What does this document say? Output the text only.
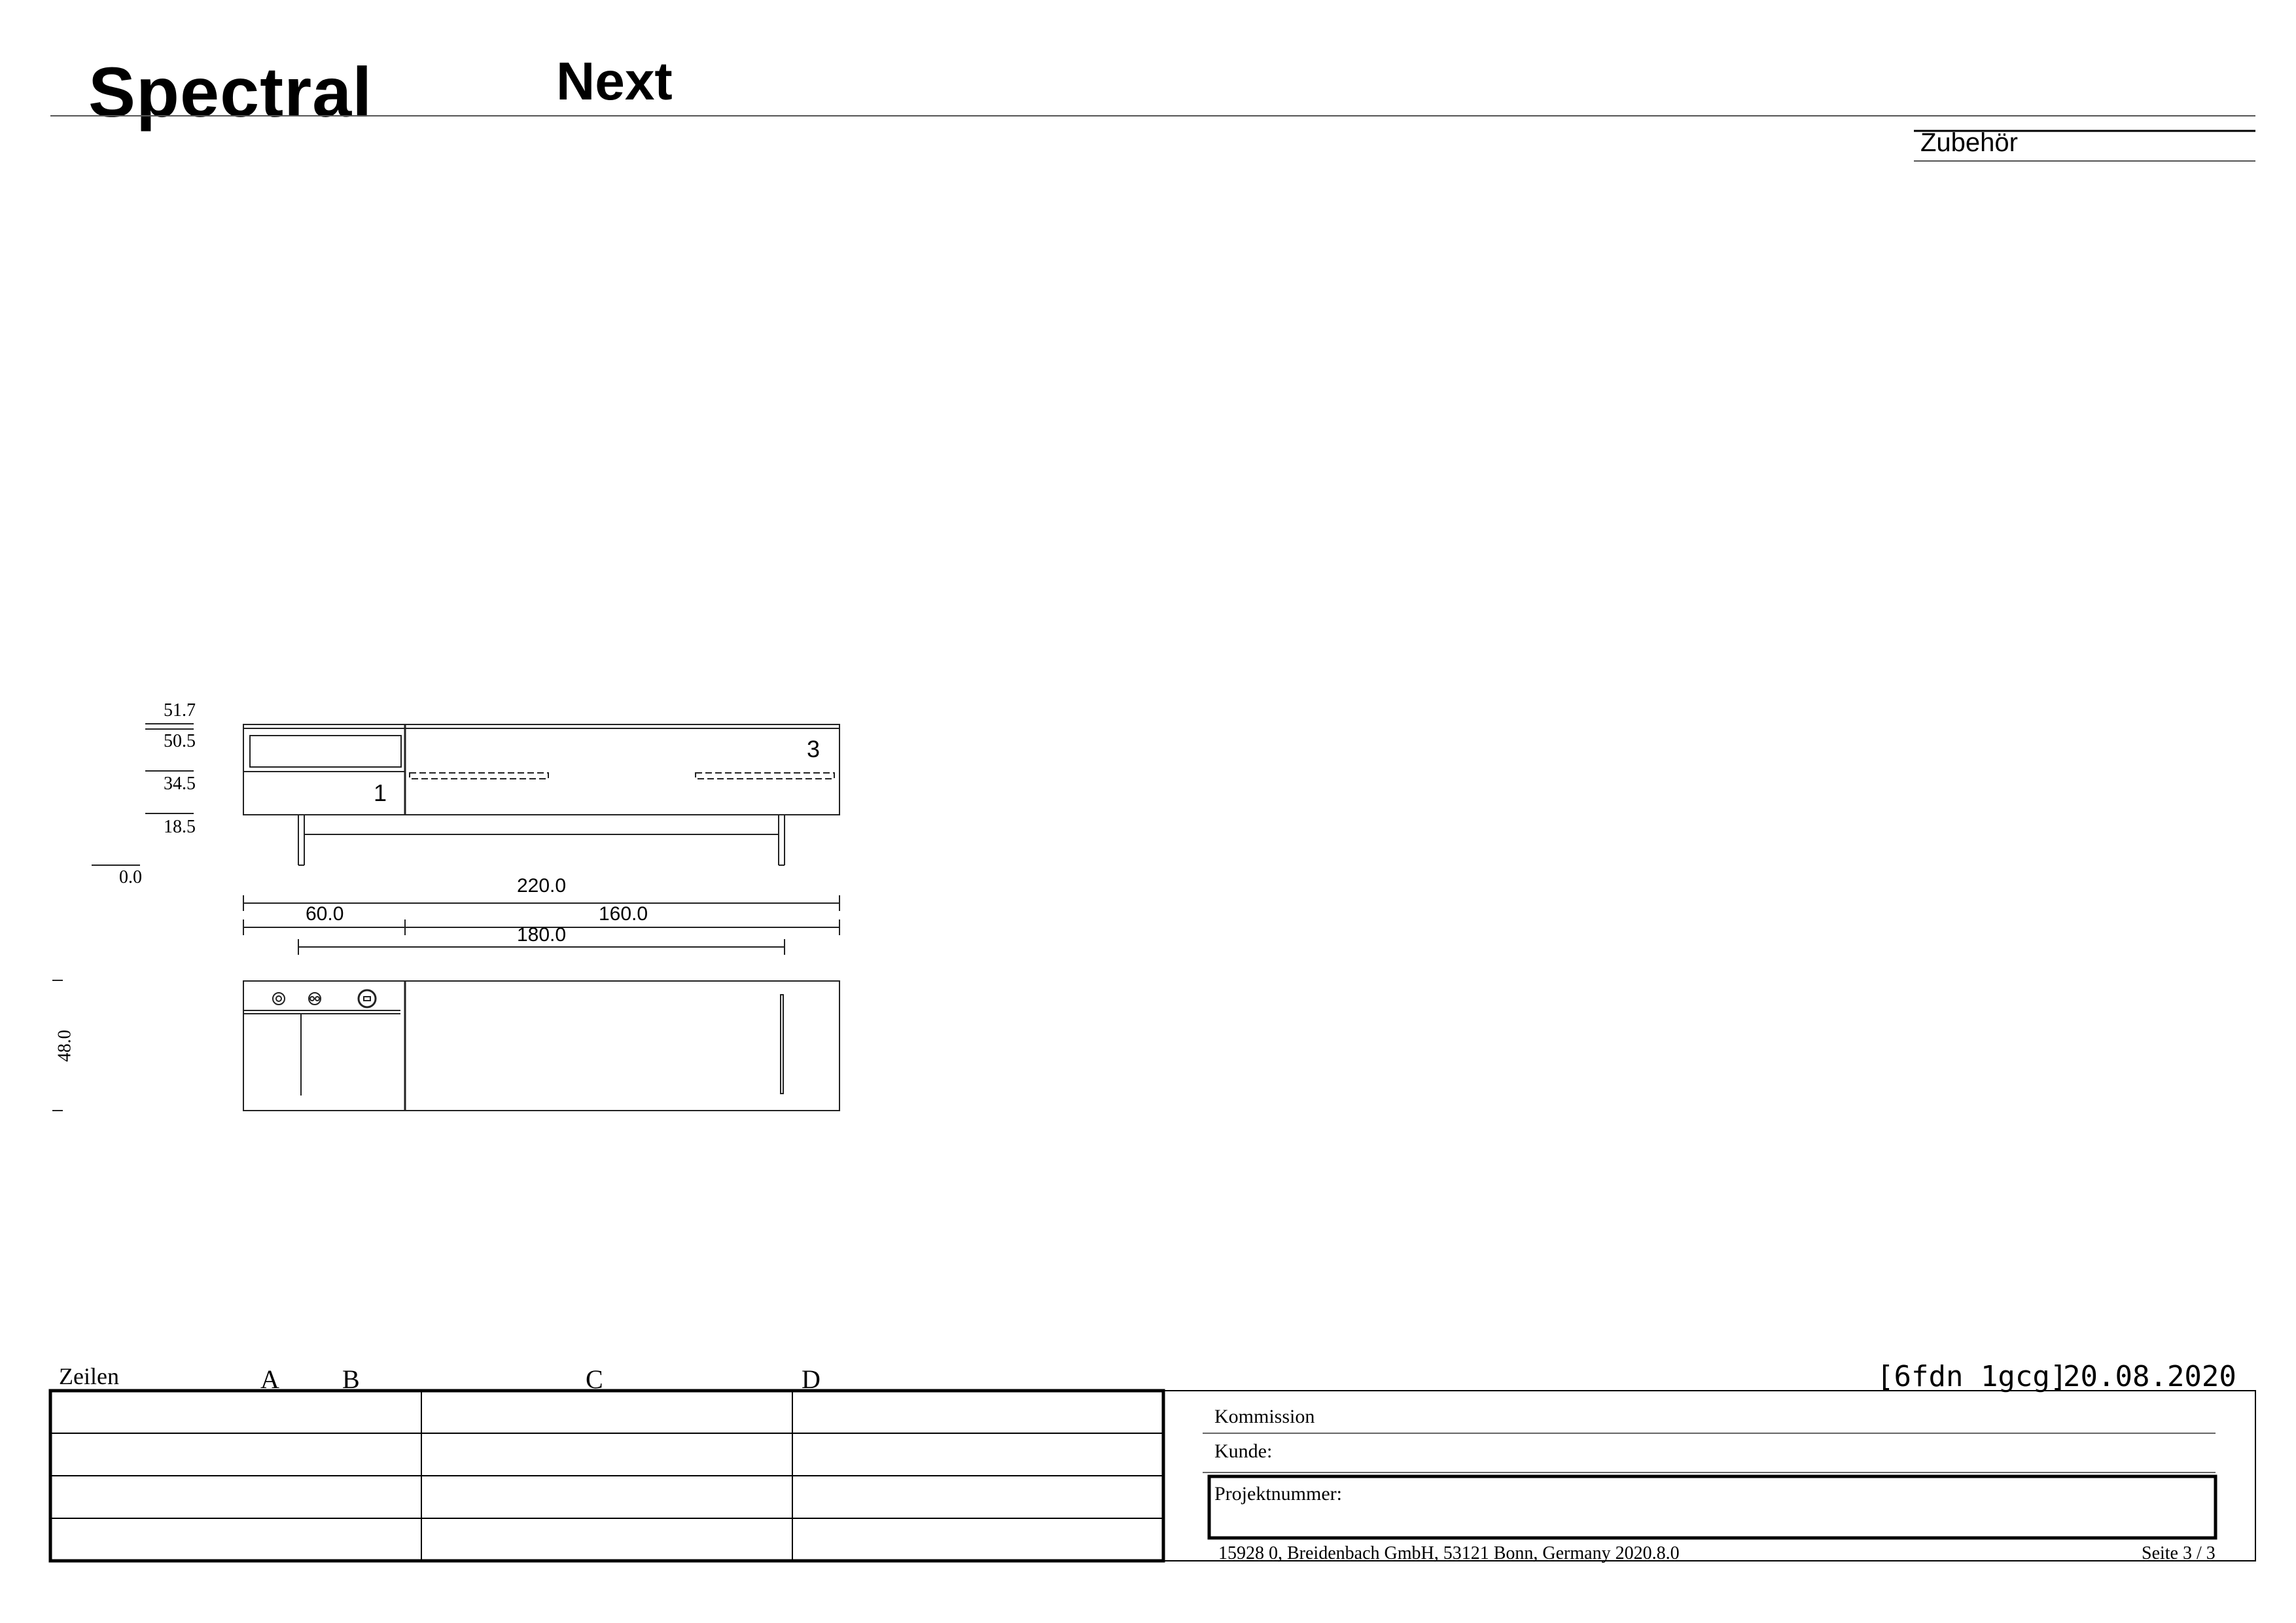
Spectral	Next
Zubehör
51.7
50.5
34.5
18.5
0.0
1
3
220.0
60.0	160.0
180.0
48.0
Zeilen	A B	C	D	[6fdn 1gcg]
20.08.2020
Kommission
Kunde:
Projektnummer:
15928 0, Breidenbach GmbH, 53121 Bonn, Germany 2020.8.0	Seite 3 / 3
